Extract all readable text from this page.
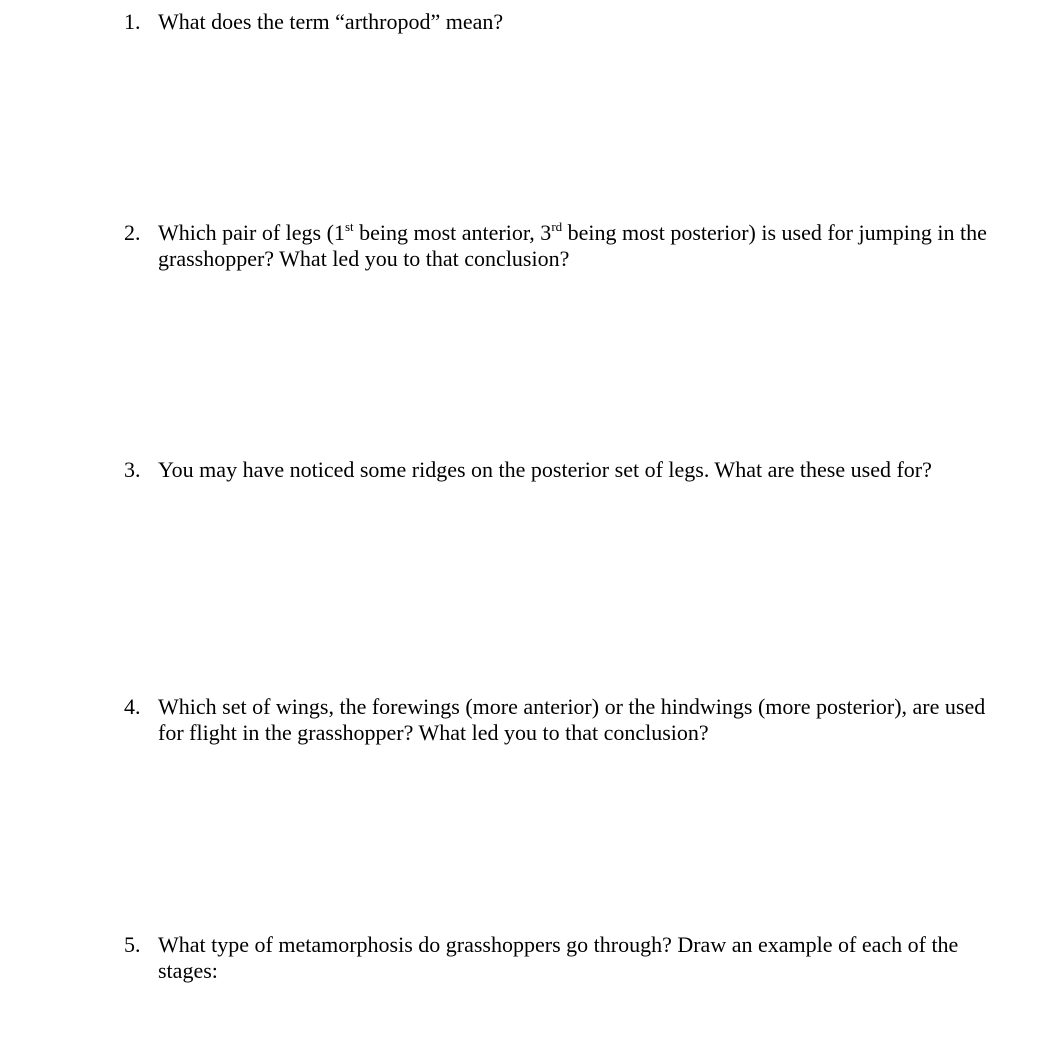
1. What does the term “arthropod” mean?
2. Which pair of legs (1st being most anterior, 3rd being most posterior) is used for jumping in the grasshopper? What led you to that conclusion?
3. You may have noticed some ridges on the posterior set of legs. What are these used for?
4. Which set of wings, the forewings (more anterior) or the hindwings (more posterior), are used for flight in the grasshopper? What led you to that conclusion?
5. What type of metamorphosis do grasshoppers go through? Draw an example of each of the stages:
